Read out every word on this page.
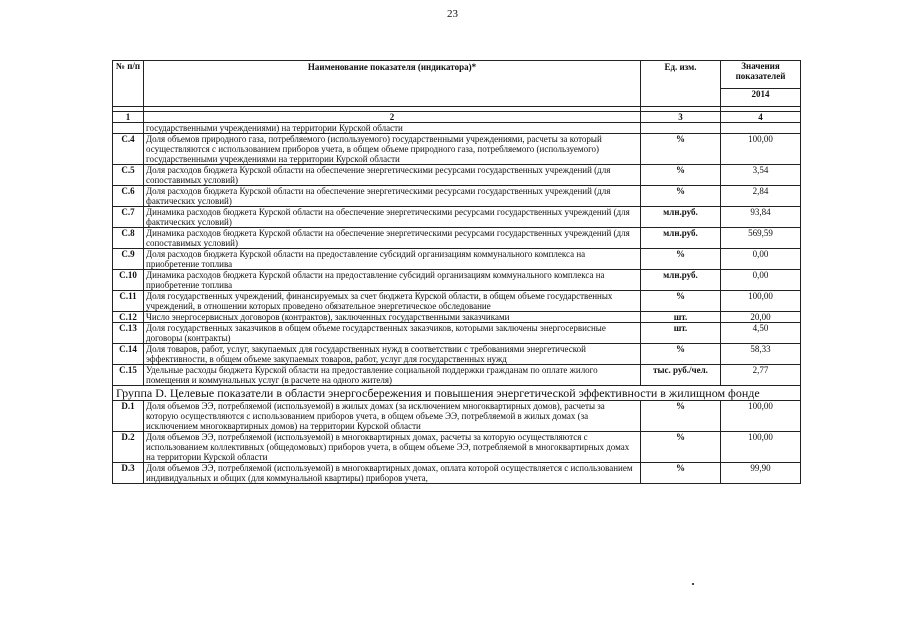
23
№ п/п	Наименование показателя (индикатора)*	Ед. изм.	Значения показателей
			2014

1	2	3	4
	государственными учреждениями) на территории Курской области		
C.4	Доля объемов природного газа, потребляемого (используемого) государственными учреждениями, расчеты за который осуществляются с использованием приборов учета, в общем объеме природного газа, потребляемого (используемого) государственными учреждениями на территории Курской области	%	100,00
C.5	Доля расходов бюджета Курской области на обеспечение энергетическими ресурсами государственных учреждений (для сопоставимых условий)	%	3,54
C.6	Доля расходов бюджета Курской области на обеспечение энергетическими ресурсами государственных учреждений (для фактических условий)	%	2,84
C.7	Динамика расходов бюджета Курской области на обеспечение энергетическими ресурсами государственных учреждений (для фактических условий)	млн.руб.	93,84
C.8	Динамика расходов бюджета Курской области на обеспечение энергетическими ресурсами государственных учреждений (для сопоставимых условий)	млн.руб.	569,59
C.9	Доля расходов бюджета Курской области на предоставление субсидий организациям коммунального комплекса на приобретение топлива	%	0,00
C.10	Динамика расходов бюджета Курской области на предоставление субсидий организациям коммунального комплекса на приобретение топлива	млн.руб.	0,00
C.11	Доля государственных учреждений, финансируемых за счет бюджета Курской области, в общем объеме государственных учреждений, в отношении которых проведено обязательное энергетическое обследование	%	100,00
C.12	Число энергосервисных договоров (контрактов), заключенных государственными заказчиками	шт.	20,00
C.13	Доля государственных заказчиков в общем объеме государственных заказчиков, которыми заключены энергосервисные договоры (контракты)	шт.	4,50
C.14	Доля товаров, работ, услуг, закупаемых для государственных нужд в соответствии с требованиями энергетической эффективности, в общем объеме закупаемых товаров, работ, услуг для государственных нужд	%	58,33
C.15	Удельные расходы бюджета Курской области на предоставление социальной поддержки гражданам по оплате жилого помещения и коммунальных услуг (в расчете на одного жителя)	тыс. руб./чел.	2,77
Группа D. Целевые показатели в области энергосбережения и повышения энергетической эффективности в жилищном фонде			
D.1	Доля объемов ЭЭ, потребляемой (используемой) в жилых домах (за исключением многоквартирных домов), расчеты за которую осуществляются с использованием приборов учета, в общем объеме ЭЭ, потребляемой в жилых домах (за исключением многоквартирных домов) на территории Курской области	%	100,00
D.2	Доля объемов ЭЭ, потребляемой (используемой) в многоквартирных домах, расчеты за которую осуществляются с использованием коллективных (общедомовых) приборов учета, в общем объеме ЭЭ, потребляемой в многоквартирных домах на территории Курской области	%	100,00
D.3	Доля объемов ЭЭ, потребляемой (используемой) в многоквартирных домах, оплата которой осуществляется с использованием индивидуальных и общих (для коммунальной квартиры) приборов учета,	%	99,90
